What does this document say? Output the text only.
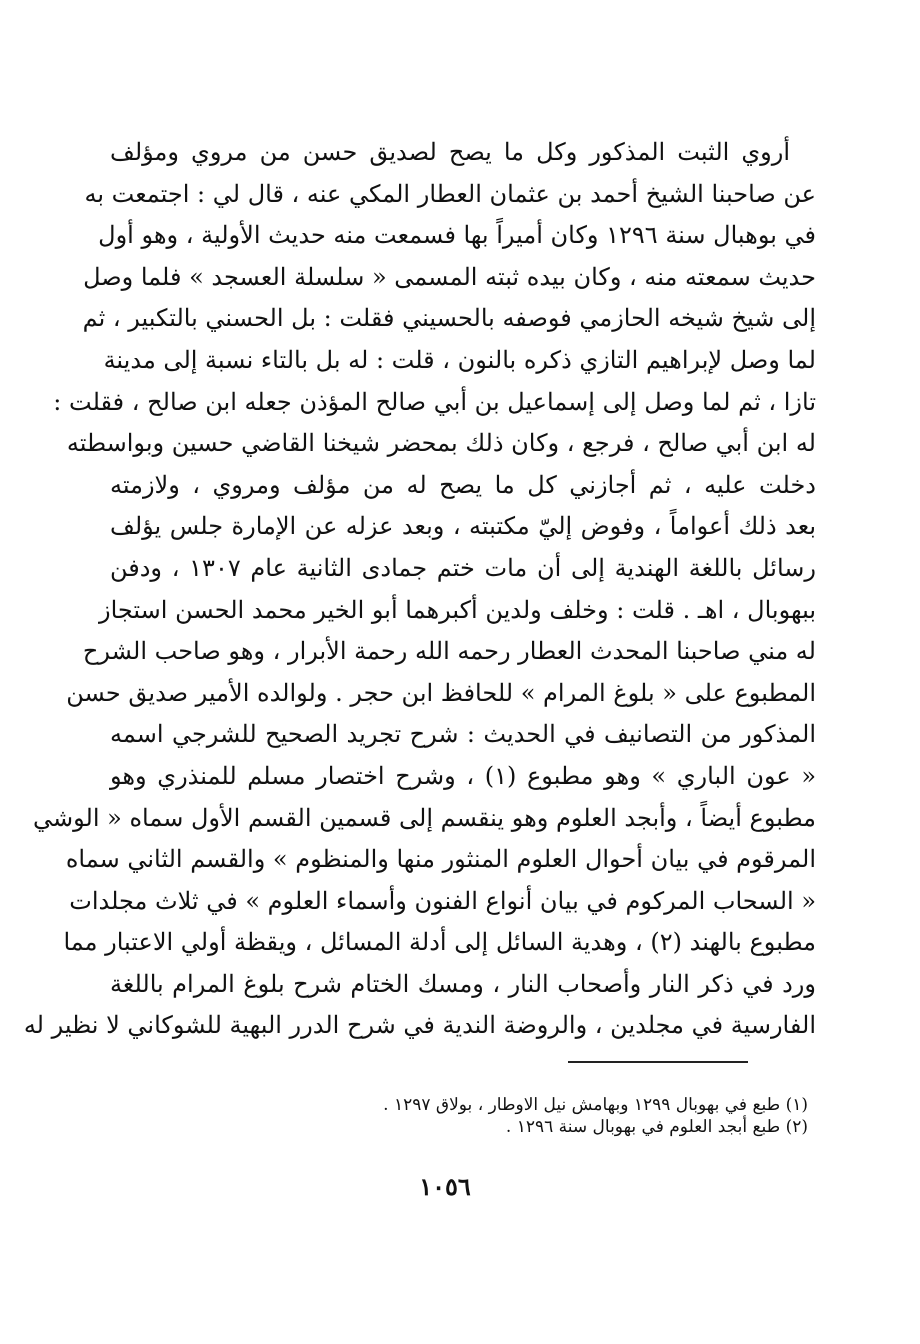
أروي الثبت المذكور وكل ما يصح لصديق حسن من مروي ومؤلف
عن صاحبنا الشيخ أحمد بن عثمان العطار المكي عنه ، قال لي : اجتمعت به
في بوهبال سنة ١٢٩٦ وكان أميراً بها فسمعت منه حديث الأولية ، وهو أول
حديث سمعته منه ، وكان بيده ثبته المسمى « سلسلة العسجد » فلما وصل
إلى شيخ شيخه الحازمي فوصفه بالحسيني فقلت : بل الحسني بالتكبير ، ثم
لما وصل لإبراهيم التازي ذكره بالنون ، قلت : له بل بالتاء نسبة إلى مدينة
تازا ، ثم لما وصل إلى إسماعيل بن أبي صالح المؤذن جعله ابن صالح ، فقلت :
له ابن أبي صالح ، فرجع ، وكان ذلك بمحضر شيخنا القاضي حسين وبواسطته
دخلت عليه ، ثم أجازني كل ما يصح له من مؤلف ومروي ، ولازمته
بعد ذلك أعواماً ، وفوض إليّ مكتبته ، وبعد عزله عن الإمارة جلس يؤلف
رسائل باللغة الهندية إلى أن مات ختم جمادى الثانية عام ١٣٠٧ ، ودفن
ببهوبال ، اهـ . قلت : وخلف ولدين أكبرهما أبو الخير محمد الحسن استجاز
له مني صاحبنا المحدث العطار رحمه الله رحمة الأبرار ، وهو صاحب الشرح
المطبوع على « بلوغ المرام » للحافظ ابن حجر . ولوالده الأمير صديق حسن
المذكور من التصانيف في الحديث : شرح تجريد الصحيح للشرجي اسمه
« عون الباري » وهو مطبوع (١) ، وشرح اختصار مسلم للمنذري وهو
مطبوع أيضاً ، وأبجد العلوم وهو ينقسم إلى قسمين القسم الأول سماه « الوشي
المرقوم في بيان أحوال العلوم المنثور منها والمنظوم » والقسم الثاني سماه
« السحاب المركوم في بيان أنواع الفنون وأسماء العلوم » في ثلاث مجلدات
مطبوع بالهند (٢) ، وهدية السائل إلى أدلة المسائل ، ويقظة أولي الاعتبار مما
ورد في ذكر النار وأصحاب النار ، ومسك الختام شرح بلوغ المرام باللغة
الفارسية في مجلدين ، والروضة الندية في شرح الدرر البهية للشوكاني لا نظير له
(١) طبع في بهوبال ١٢٩٩ وبهامش نيل الاوطار ، بولاق ١٢٩٧ .
(٢) طبع أبجد العلوم في بهوبال سنة ١٢٩٦ .
١٠٥٦
